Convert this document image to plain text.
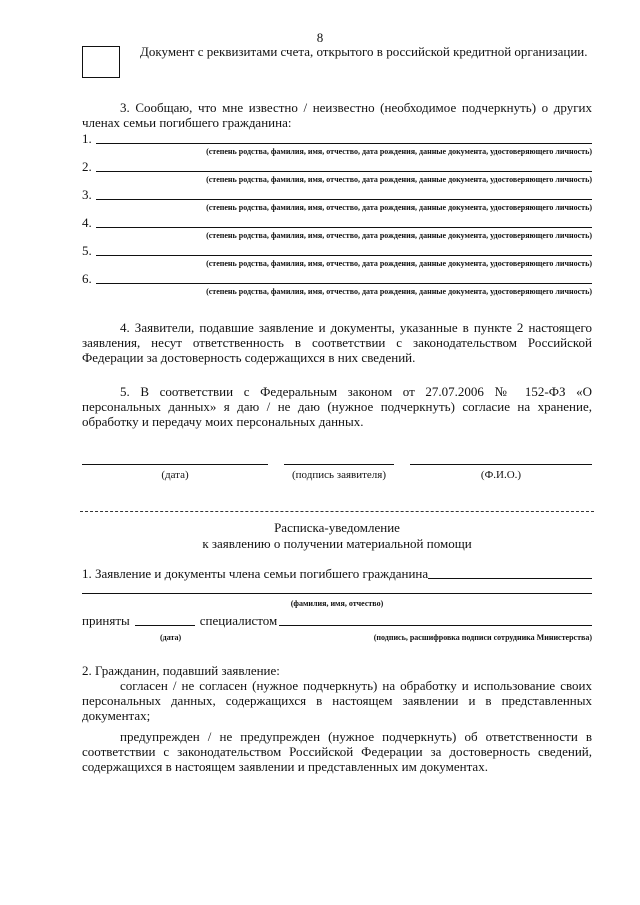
8
Документ с реквизитами счета, открытого в российской кредитной организации.
3. Сообщаю, что мне известно / неизвестно (необходимое подчеркнуть) о других членах семьи погибшего гражданина:
1.
(степень родства, фамилия, имя, отчество, дата рождения, данные документа, удостоверяющего личность)
2.
(степень родства, фамилия, имя, отчество, дата рождения, данные документа, удостоверяющего личность)
3.
(степень родства, фамилия, имя, отчество, дата рождения, данные документа, удостоверяющего личность)
4.
(степень родства, фамилия, имя, отчество, дата рождения, данные документа, удостоверяющего личность)
5.
(степень родства, фамилия, имя, отчество, дата рождения, данные документа, удостоверяющего личность)
6.
(степень родства, фамилия, имя, отчество, дата рождения, данные документа, удостоверяющего личность)
4. Заявители, подавшие заявление и документы, указанные в пункте 2 настоящего заявления, несут ответственность в соответствии с законодательством Российской Федерации за достоверность содержащихся в них сведений.
5. В соответствии с Федеральным законом от 27.07.2006 № 152-ФЗ «О персональных данных» я даю / не даю (нужное подчеркнуть) согласие на хранение, обработку и передачу моих персональных данных.
(дата)	(подпись заявителя)	(Ф.И.О.)
Расписка-уведомление
к заявлению о получении материальной помощи
1. Заявление и документы члена семьи погибшего гражданина
(фамилия, имя, отчество)
приняты	специалистом
(дата)	(подпись, расшифровка подписи сотрудника Министерства)
2. Гражданин, подавший заявление:
согласен / не согласен (нужное подчеркнуть) на обработку и использование своих персональных данных, содержащихся в настоящем заявлении и в представленных документах;
предупрежден / не предупрежден (нужное подчеркнуть) об ответственности в соответствии с законодательством Российской Федерации за достоверность сведений, содержащихся в настоящем заявлении и представленных им документах.
